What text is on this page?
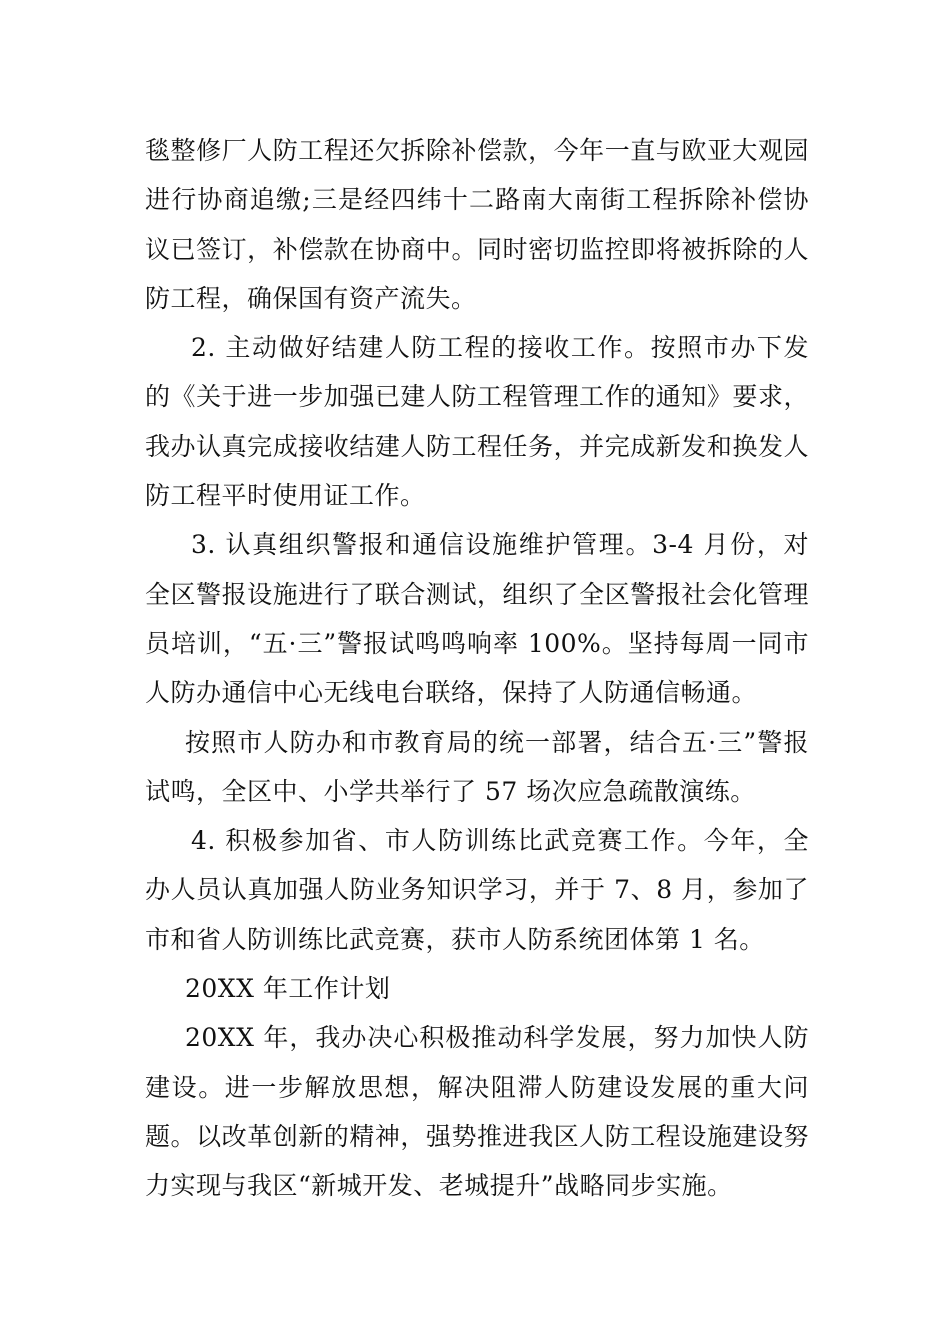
毯整修厂人防工程还欠拆除补偿款，今年一直与欧亚大观园进行协商追缴;三是经四纬十二路南大南街工程拆除补偿协议已签订，补偿款在协商中。同时密切监控即将被拆除的人防工程，确保国有资产流失。

2. 主动做好结建人防工程的接收工作。按照市办下发的《关于进一步加强已建人防工程管理工作的通知》要求，我办认真完成接收结建人防工程任务，并完成新发和换发人防工程平时使用证工作。

3. 认真组织警报和通信设施维护管理。3-4 月份，对全区警报设施进行了联合测试，组织了全区警报社会化管理员培训，“五·三”警报试鸣鸣响率 100%。坚持每周一同市人防办通信中心无线电台联络，保持了人防通信畅通。

按照市人防办和市教育局的统一部署，结合五·三”警报试鸣，全区中、小学共举行了 57 场次应急疏散演练。

4. 积极参加省、市人防训练比武竞赛工作。今年，全办人员认真加强人防业务知识学习，并于 7、8 月，参加了市和省人防训练比武竞赛，获市人防系统团体第 1 名。

20XX 年工作计划

20XX 年，我办决心积极推动科学发展，努力加快人防建设。进一步解放思想，解决阻滞人防建设发展的重大问题。以改革创新的精神，强势推进我区人防工程设施建设努力实现与我区“新城开发、老城提升”战略同步实施。
